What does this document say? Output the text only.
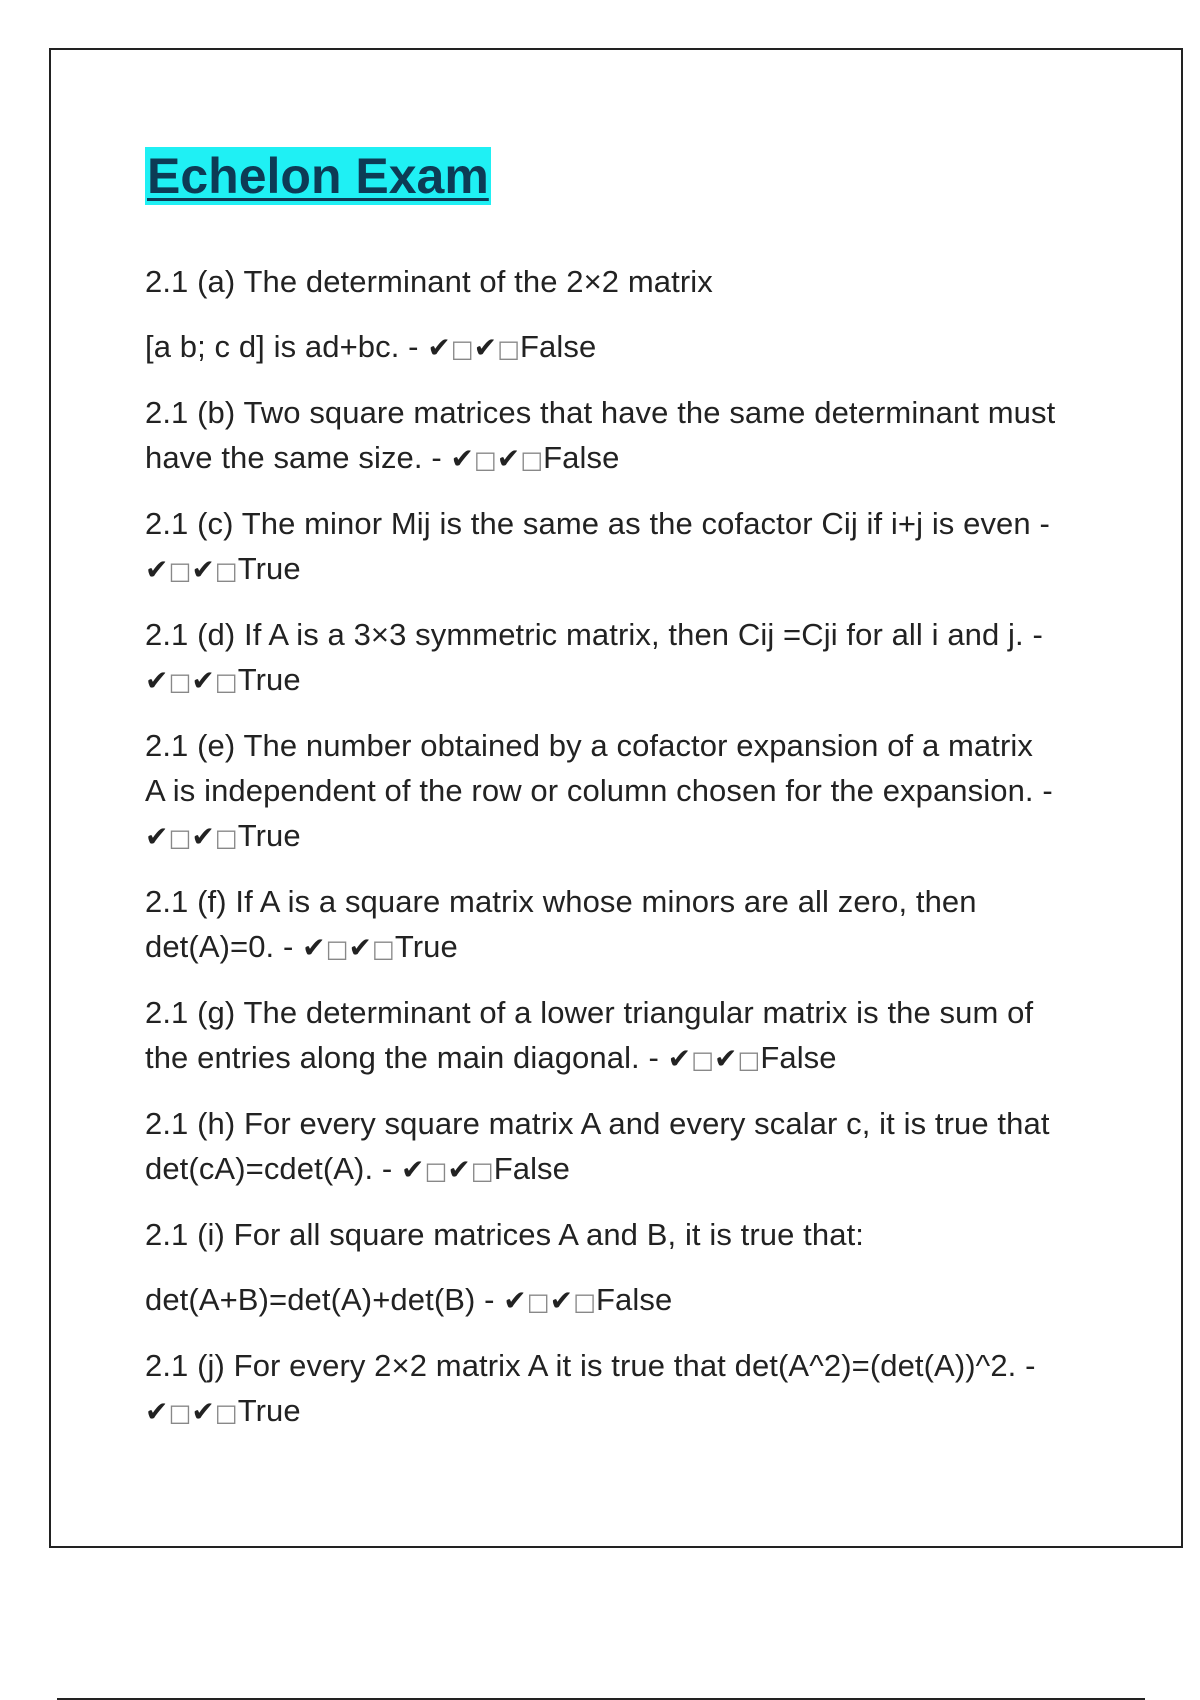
Echelon Exam

2.1 (a) The determinant of the 2×2 matrix

[a b; c d] is ad+bc. - ✔□✔□False

2.1 (b) Two square matrices that have the same determinant must

have the same size. - ✔□✔□False

2.1 (c) The minor Mij is the same as the cofactor Cij if i+j is even -

✔□✔□True

2.1 (d) If A is a 3×3 symmetric matrix, then Cij =Cji for all i and j. -

✔□✔□True

2.1 (e) The number obtained by a cofactor expansion of a matrix

A is independent of the row or column chosen for the expansion. -

✔□✔□True

2.1 (f) If A is a square matrix whose minors are all zero, then

det(A)=0. - ✔□✔□True

2.1 (g) The determinant of a lower triangular matrix is the sum of

the entries along the main diagonal. - ✔□✔□False

2.1 (h) For every square matrix A and every scalar c, it is true that

det(cA)=cdet(A). - ✔□✔□False

2.1 (i) For all square matrices A and B, it is true that:

det(A+B)=det(A)+det(B) - ✔□✔□False

2.1 (j) For every 2×2 matrix A it is true that det(A^2)=(det(A))^2. -

✔□✔□True
